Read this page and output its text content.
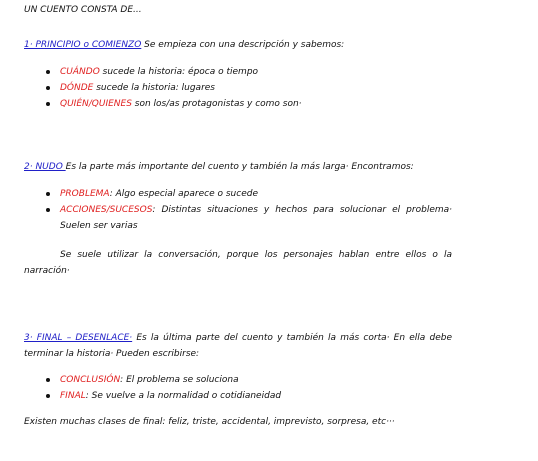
UN CUENTO CONSTA DE...
1· PRINCIPIO o COMIENZO Se empieza con una descripción y sabemos:
CUÁNDO sucede la historia: época o tiempo
DÓNDE sucede la historia: lugares
QUIÉN/QUIENES son los/as protagonistas y como son·
2· NUDO Es la parte más importante del cuento y también la más larga· Encontramos:
PROBLEMA: Algo especial aparece o sucede
ACCIONES/SUCESOS: Distintas situaciones y hechos para solucionar el problema· Suelen ser varias
Se suele utilizar la conversación, porque los personajes hablan entre ellos o la narración·
3· FINAL – DESENLACE· Es la última parte del cuento y también la más corta· En ella debe terminar la historia· Pueden escribirse:
CONCLUSIÓN: El problema se soluciona
FINAL: Se vuelve a la normalidad o cotidianeidad
Existen muchas clases de final: feliz, triste, accidental, imprevisto, sorpresa, etc···
